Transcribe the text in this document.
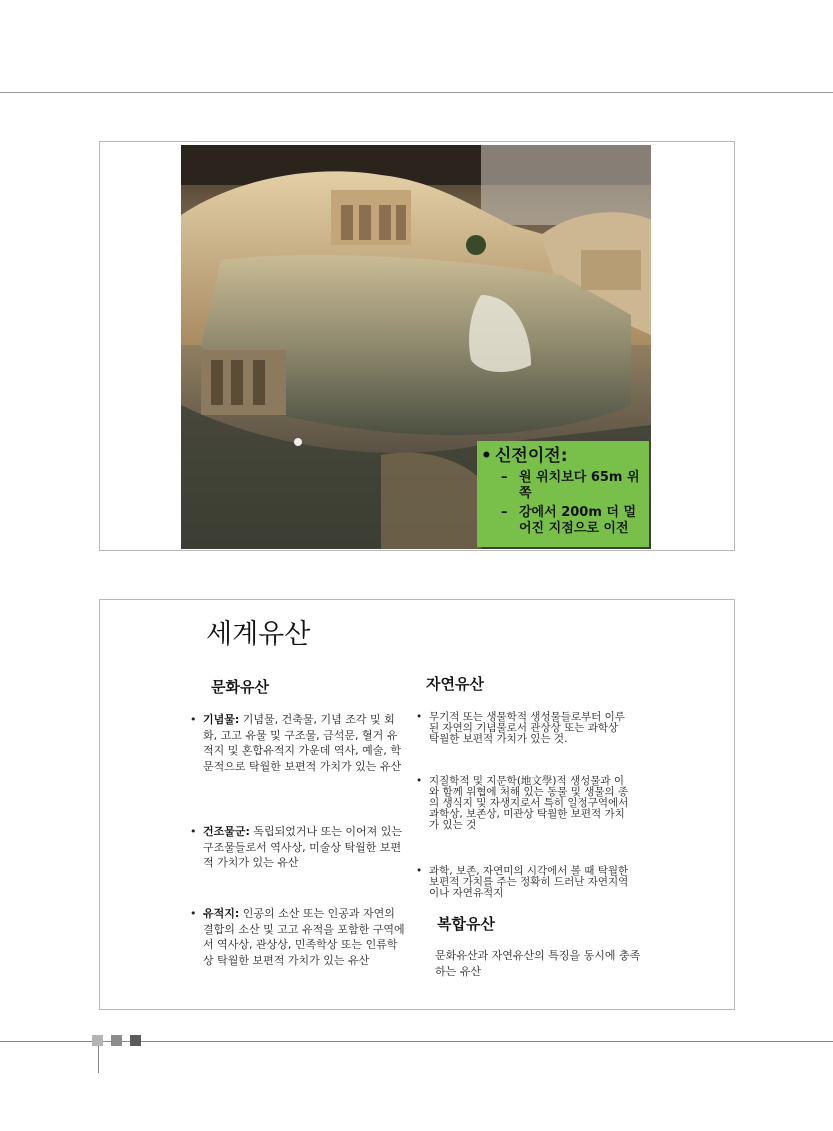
• 신전이전:
– 원 위치보다 65m 위쪽
– 강에서 200m 더 멀어진 지점으로 이전
세계유산
문화유산	자연유산
• 기념물: 기념물, 건축물, 기념 조각 및 회화, 고고 유물 및 구조물, 금석문, 혈거 유적지 및 혼합유적지 가운데 역사, 예술, 학문적으로 탁월한 보편적 가치가 있는 유산
• 건조물군: 독립되었거나 또는 이어져 있는 구조물들로서 역사상, 미술상 탁월한 보편적 가치가 있는 유산
• 유적지: 인공의 소산 또는 인공과 자연의 결합의 소산 및 고고 유적을 포함한 구역에서 역사상, 관상상, 민족학상 또는 인류학상 탁월한 보편적 가치가 있는 유산
• 무기적 또는 생물학적 생성물들로부터 이루된 자연의 기념물로서 관상상 또는 과학상 탁월한 보편적 가치가 있는 것.
• 지질학적 및 지문학(地文學)적 생성물과 이와 함께 위협에 처해 있는 동물 및 생물의 종의 생식지 및 자생지로서 특히 일정구역에서 과학상, 보존상, 미관상 탁월한 보편적 가치가 있는 것
• 과학, 보존, 자연미의 시각에서 볼 때 탁월한 보편적 가치를 주는 정확히 드러난 자연지역이나 자연유적지
복합유산
문화유산과 자연유산의 특징을 동시에 충족하는 유산
